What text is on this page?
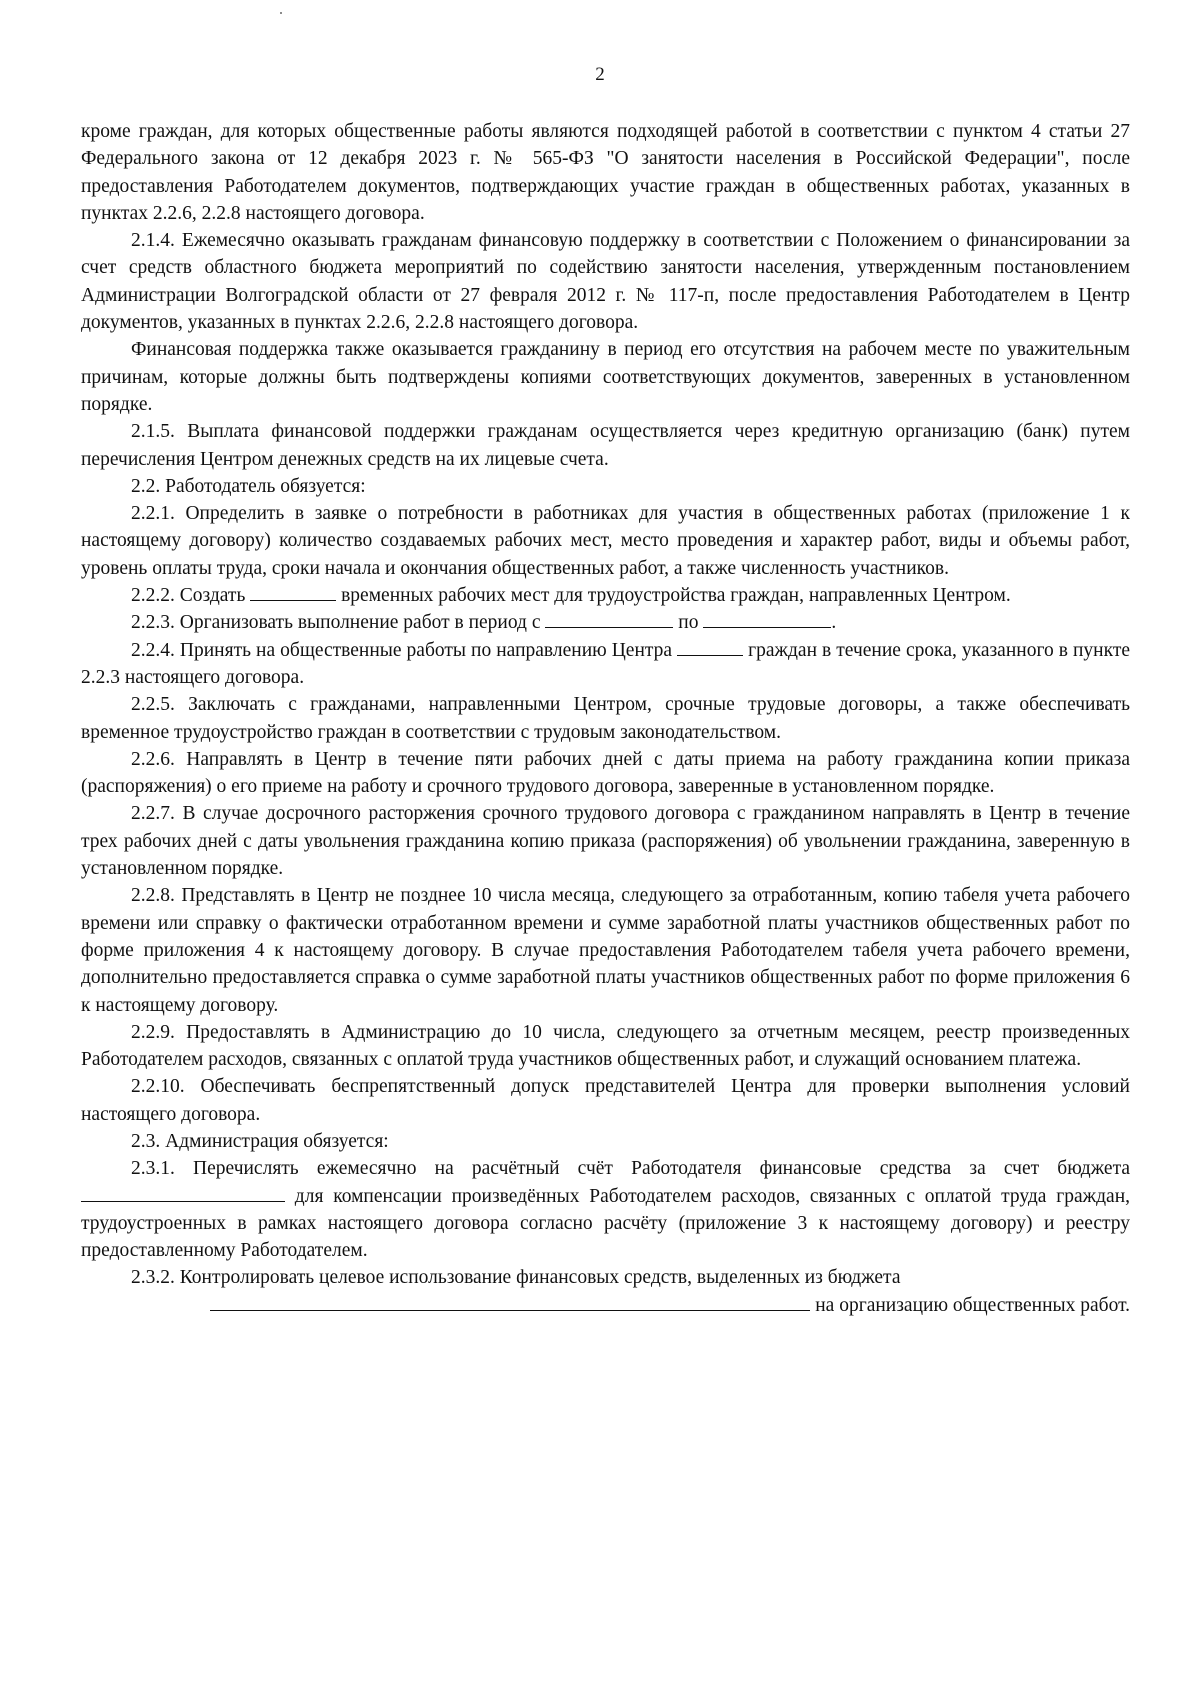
2

кроме граждан, для которых общественные работы являются подходящей работой в соответствии с пунктом 4 статьи 27 Федерального закона от 12 декабря 2023 г. № 565-ФЗ "О занятости населения в Российской Федерации", после предоставления Работодателем документов, подтверждающих участие граждан в общественных работах, указанных в пунктах 2.2.6, 2.2.8 настоящего договора.

2.1.4. Ежемесячно оказывать гражданам финансовую поддержку в соответствии с Положением о финансировании за счет средств областного бюджета мероприятий по содействию занятости населения, утвержденным постановлением Администрации Волгоградской области от 27 февраля 2012 г. № 117-п, после предоставления Работодателем в Центр документов, указанных в пунктах 2.2.6, 2.2.8 настоящего договора.

Финансовая поддержка также оказывается гражданину в период его отсутствия на рабочем месте по уважительным причинам, которые должны быть подтверждены копиями соответствующих документов, заверенных в установленном порядке.

2.1.5. Выплата финансовой поддержки гражданам осуществляется через кредитную организацию (банк) путем перечисления Центром денежных средств на их лицевые счета.

2.2. Работодатель обязуется:

2.2.1. Определить в заявке о потребности в работниках для участия в общественных работах (приложение 1 к настоящему договору) количество создаваемых рабочих мест, место проведения и характер работ, виды и объемы работ, уровень оплаты труда, сроки начала и окончания общественных работ, а также численность участников.

2.2.2. Создать	временных рабочих мест для трудоустройства граждан, направленных Центром.

2.2.3. Организовать выполнение работ в период с	по	.

2.2.4. Принять на общественные работы по направлению Центра	граждан в течение срока, указанного в пункте 2.2.3 настоящего договора.

2.2.5. Заключать с гражданами, направленными Центром, срочные трудовые договоры, а также обеспечивать временное трудоустройство граждан в соответствии с трудовым законодательством.

2.2.6. Направлять в Центр в течение пяти рабочих дней с даты приема на работу гражданина копии приказа (распоряжения) о его приеме на работу и срочного трудового договора, заверенные в установленном порядке.

2.2.7. В случае досрочного расторжения срочного трудового договора с гражданином направлять в Центр в течение трех рабочих дней с даты увольнения гражданина копию приказа (распоряжения) об увольнении гражданина, заверенную в установленном порядке.

2.2.8. Представлять в Центр не позднее 10 числа месяца, следующего за отработанным, копию табеля учета рабочего времени или справку о фактически отработанном времени и сумме заработной платы участников общественных работ по форме приложения 4 к настоящему договору. В случае предоставления Работодателем табеля учета рабочего времени, дополнительно предоставляется справка о сумме заработной платы участников общественных работ по форме приложения 6 к настоящему договору.

2.2.9. Предоставлять в Администрацию до 10 числа, следующего за отчетным месяцем, реестр произведенных Работодателем расходов, связанных с оплатой труда участников общественных работ, и служащий основанием платежа.

2.2.10. Обеспечивать беспрепятственный допуск представителей Центра для проверки выполнения условий настоящего договора.

2.3. Администрация обязуется:

2.3.1. Перечислять ежемесячно на расчётный счёт Работодателя финансовые средства за счет бюджета  для компенсации произведённых Работодателем расходов, связанных с оплатой труда граждан, трудоустроенных в рамках настоящего договора согласно расчёту (приложение 3 к настоящему договору) и реестру предоставленному Работодателем.

2.3.2. Контролировать целевое использование финансовых средств, выделенных из бюджета

на организацию общественных работ.
